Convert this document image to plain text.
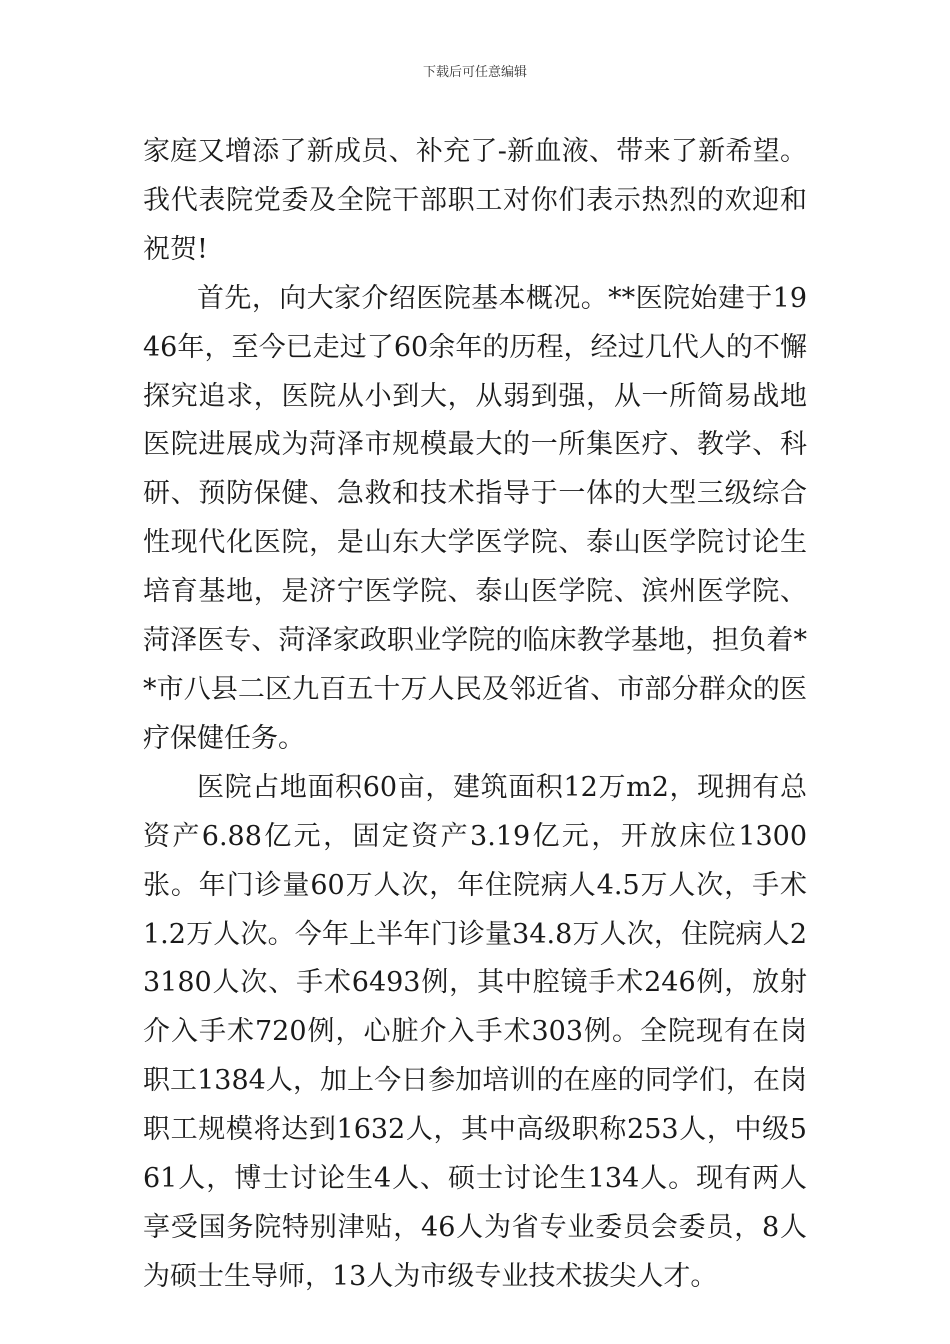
下载后可任意编辑

家庭又增添了新成员、补充了-新血液、带来了新希望。我代表院党委及全院干部职工对你们表示热烈的欢迎和祝贺!

首先，向大家介绍医院基本概况。**医院始建于1946年，至今已走过了60余年的历程，经过几代人的不懈探究追求，医院从小到大，从弱到强，从一所简易战地医院进展成为菏泽市规模最大的一所集医疗、教学、科研、预防保健、急救和技术指导于一体的大型三级综合性现代化医院，是山东大学医学院、泰山医学院讨论生培育基地，是济宁医学院、泰山医学院、滨州医学院、菏泽医专、菏泽家政职业学院的临床教学基地，担负着**市八县二区九百五十万人民及邻近省、市部分群众的医疗保健任务。

医院占地面积60亩，建筑面积12万m2，现拥有总资产6.88亿元，固定资产3.19亿元，开放床位1300张。年门诊量60万人次，年住院病人4.5万人次，手术1.2万人次。今年上半年门诊量34.8万人次，住院病人23180人次、手术6493例，其中腔镜手术246例，放射介入手术720例，心脏介入手术303例。全院现有在岗职工1384人，加上今日参加培训的在座的同学们，在岗职工规模将达到1632人，其中高级职称253人，中级561人，博士讨论生4人、硕士讨论生134人。现有两人享受国务院特别津贴，46人为省专业委员会委员，8人为硕士生导师，13人为市级专业技术拔尖人才。
